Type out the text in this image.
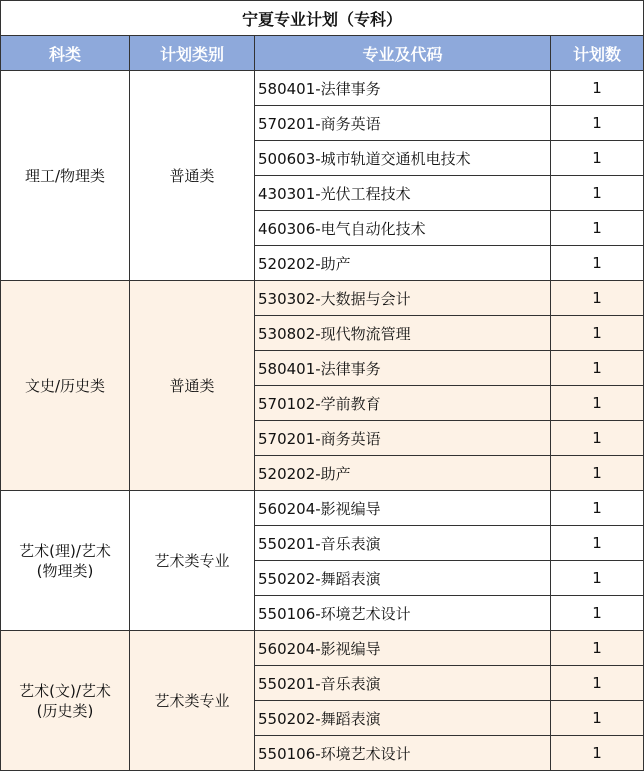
宁夏专业计划（专科）			
科类	计划类别	专业及代码	计划数
理工/物理类	普通类	580401-法律事务	1
		570201-商务英语	1
		500603-城市轨道交通机电技术	1
		430301-光伏工程技术	1
		460306-电气自动化技术	1
		520202-助产	1
文史/历史类	普通类	530302-大数据与会计	1
		530802-现代物流管理	1
		580401-法律事务	1
		570102-学前教育	1
		570201-商务英语	1
		520202-助产	1
艺术(理)/艺术
(物理类)	艺术类专业	560204-影视编导	1
		550201-音乐表演	1
		550202-舞蹈表演	1
		550106-环境艺术设计	1
艺术(文)/艺术
(历史类)	艺术类专业	560204-影视编导	1
		550201-音乐表演	1
		550202-舞蹈表演	1
		550106-环境艺术设计	1
